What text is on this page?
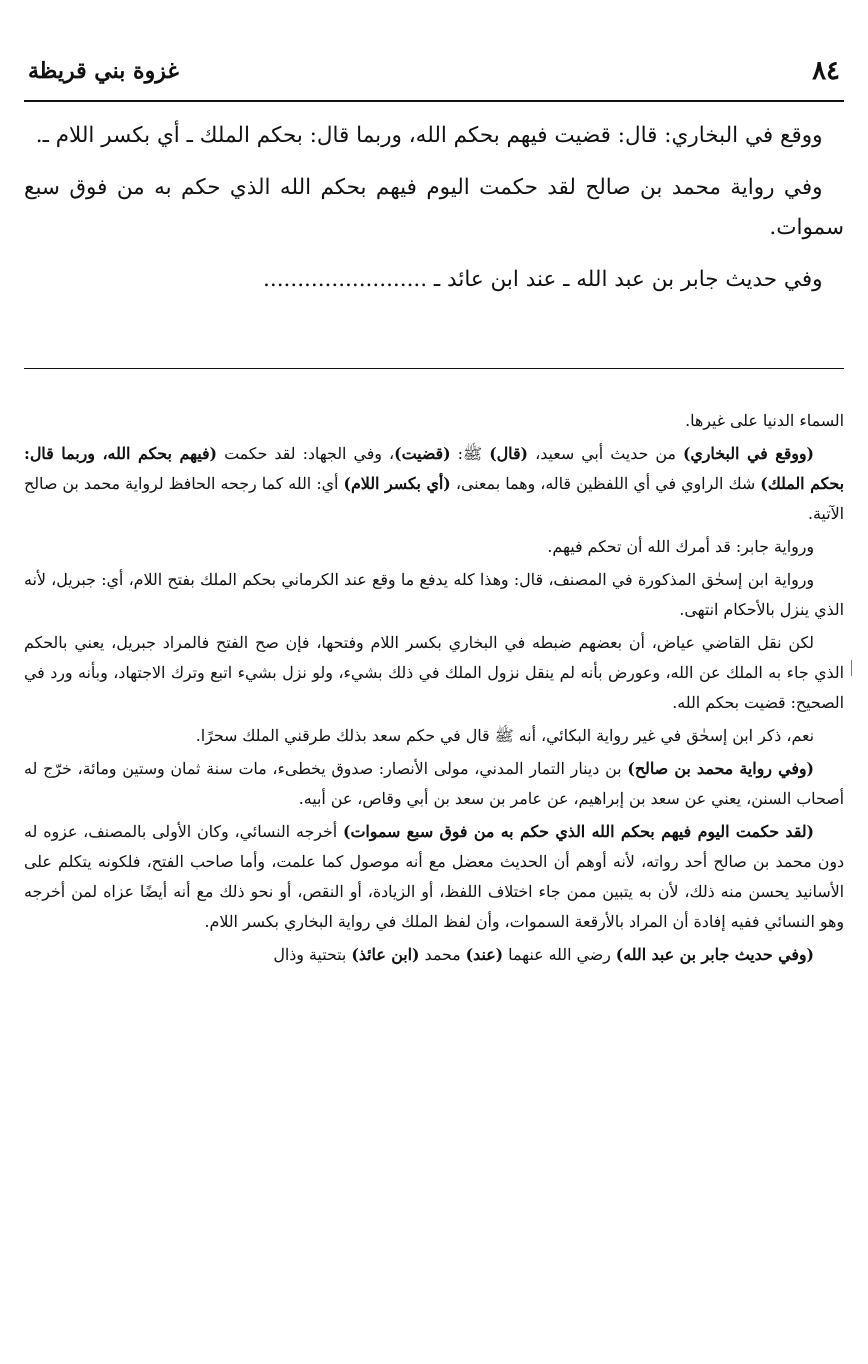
٨٤
غزوة بني قريظة

 ووقع في البخاري: قال: قضيت فيهم بحكم الله، وربما قال: بحكم الملك ـ أي بكسر اللام ـ.

 وفي رواية محمد بن صالح لقد حكمت اليوم فيهم بحكم الله الذي حكم به من فوق سبع سموات.

 وفي حديث جابر بن عبد الله ـ عند ابن عائد ـ ........................

السماء الدنيا على غيرها.

(ووقع في البخاري) من حديث أبي سعيد، (قال) ﷺ: (قضيت)، وفي الجهاد: لقد حكمت (فيهم بحكم الله، وربما قال: بحكم الملك) شك الراوي في أي اللفظين قاله، وهما بمعنى، (أي بكسر اللام) أي: الله كما رجحه الحافظ لرواية محمد بن صالح الآتية.

ورواية جابر: قد أمرك الله أن تحكم فيهم.

ورواية ابن إسحٰق المذكورة في المصنف، قال: وهذا كله يدفع ما وقع عند الكرماني بحكم الملك بفتح اللام، أي: جبريل، لأنه الذي ينزل بالأحكام انتهى.

لكن نقل القاضي عياض، أن بعضهم ضبطه في البخاري بكسر اللام وفتحها، فإن صح الفتح فالمراد جبريل، يعني بالحكم الذي جاء به الملك عن الله، وعورض بأنه لم ينقل نزول الملك في ذلك بشيء، ولو نزل بشيء اتبع وترك الاجتهاد، وبأنه ورد في الصحيح: قضيت بحكم الله.

نعم، ذكر ابن إسحٰق في غير رواية البكائي، أنه ﷺ قال في حكم سعد بذلك طرقني الملك سحرًا.

(وفي رواية محمد بن صالح) بن دينار التمار المدني، مولى الأنصار: صدوق يخطىء، مات سنة ثمان وستين ومائة، خرّج له أصحاب السنن، يعني عن سعد بن إبراهيم، عن عامر بن سعد بن أبي وقاص، عن أبيه.

(لقد حكمت اليوم فيهم بحكم الله الذي حكم به من فوق سبع سموات) أخرجه النسائي، وكان الأولى بالمصنف، عزوه له دون محمد بن صالح أحد رواته، لأنه أوهم أن الحديث معضل مع أنه موصول كما علمت، وأما صاحب الفتح، فلكونه يتكلم على الأسانيد يحسن منه ذلك، لأن به يتبين ممن جاء اختلاف اللفظ، أو الزيادة، أو النقص، أو نحو ذلك مع أنه أيضًا عزاه لمن أخرجه وهو النسائي ففيه إفادة أن المراد بالأرقعة السموات، وأن لفظ الملك في رواية البخاري بكسر اللام.

(وفي حديث جابر بن عبد الله) رضي الله عنهما (عند) محمد (ابن عائذ) بتحتية وذال
